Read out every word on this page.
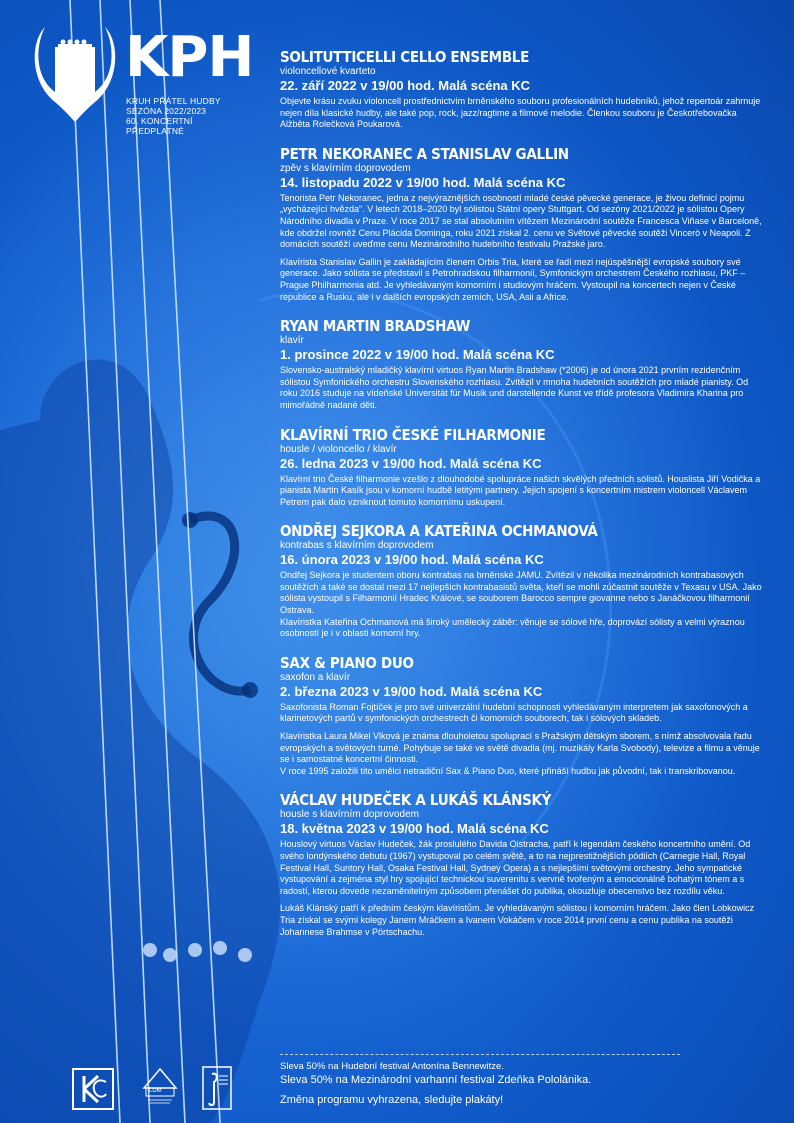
KPH
KRUH PŘÁTEL HUDBY
SEZÓNA 2022/2023
60. KONCERTNÍ
PŘEDPLATNÉ
SOLITUTTICELLI CELLO ENSEMBLE
violoncellové kvarteto
22. září 2022 v 19/00 hod. Malá scéna KC

Objevte krásu zvuku violoncell prostřednictvím brněnského souboru profesionálních hudebníků, jehož repertoár zahrnuje nejen díla klasické hudby, ale také pop, rock, jazz/ragtime a filmové melodie. Členkou souboru je Českotřebovačka Alžběta Rolečková Poukarová.

PETR NEKORANEC A STANISLAV GALLIN
zpěv s klavírním doprovodem
14. listopadu 2022 v 19/00 hod. Malá scéna KC

Tenorista Petr Nekoranec, jedna z nejvýraznějších osobností mladé české pěvecké generace, je živou definicí pojmu „vycházející hvězda". V letech 2018–2020 byl sólistou Státní opery Stuttgart. Od sezóny 2021/2022 je sólistou Opery Národního divadla v Praze. V roce 2017 se stal absolutním vítězem Mezinárodní soutěže Francesca Viñase v Barceloně, kde obdržel rovněž Cenu Plácida Dominga, roku 2021 získal 2. cenu ve Světové pěvecké soutěži Vincerò v Neapoli. Z domácích soutěží uveďme cenu Mezinárodního hudebního festivalu Pražské jaro.

Klavírista Stanislav Gallin je zakládajícím členem Orbis Tria, které se řadí mezi nejúspěšnější evropské soubory své generace. Jako sólista se představil s Petrohradskou filharmonií, Symfonickým orchestrem Českého rozhlasu, PKF – Prague Philharmonia atd. Je vyhledávaným komorním i studiovým hráčem. Vystoupil na koncertech nejen v České republice a Rusku, ale i v dalších evropských zemích, USA, Asii a Africe.

RYAN MARTIN BRADSHAW
klavír
1. prosince 2022 v 19/00 hod. Malá scéna KC

Slovensko-australský mladičký klavírní virtuos Ryan Martin Bradshaw (*2006) je od února 2021 prvním rezidenčním sólistou Symfonického orchestru Slovenského rozhlasu. Zvítězil v mnoha hudebních soutěžích pro mladé pianisty. Od roku 2016 studuje na vídeňské Universität für Musik und darstellende Kunst ve třídě profesora Vladimira Kharina pro mimořádně nadané děti.

KLAVÍRNÍ TRIO ČESKÉ FILHARMONIE
housle / violoncello / klavír
26. ledna 2023 v 19/00 hod. Malá scéna KC

Klavírní trio České filharmonie vzešlo z dlouhodobé spolupráce našich skvělých předních sólistů. Houslista Jiří Vodička a pianista Martin Kasík jsou v komorní hudbě letitými partnery. Jejich spojení s koncertním mistrem violoncell Václavem Petrem pak dalo vzniknout tomuto komornímu uskupení.

ONDŘEJ SEJKORA A KATEŘINA OCHMANOVÁ
kontrabas s klavírním doprovodem
16. února 2023 v 19/00 hod. Malá scéna KC

Ondřej Sejkora je studentem oboru kontrabas na brněnské JAMU. Zvítězil v několika mezinárodních kontrabasových soutěžích a také se dostal mezi 17 nejlepších kontrabasistů světa, kteří se mohli zúčastnit soutěže v Texasu v USA. Jako sólista vystoupil s Filharmonií Hradec Králové, se souborem Barocco sempre giovanne nebo s Janáčkovou filharmonií Ostrava.

Klavíristka Kateřina Ochmanová má široký umělecký záběr: věnuje se sólové hře, doprovází sólisty a velmi výraznou osobností je i v oblasti komorní hry.

SAX & PIANO DUO
saxofon a klavír
2. března 2023 v 19/00 hod. Malá scéna KC

Saxofonista Roman Fojtíček je pro své univerzální hudební schopnosti vyhledávaným interpretem jak saxofonových a klarinetových partů v symfonických orchestrech či komorních souborech, tak i sólových skladeb.

Klavíristka Laura Mikel Vlková je známa dlouholetou spoluprací s Pražským dětským sborem, s nímž absolvovala řadu evropských a světových turné. Pohybuje se také ve světě divadla (mj. muzikály Karla Svobody), televize a filmu a věnuje se i samostatné koncertní činnosti.

V roce 1995 založili tito umělci netradiční Sax & Piano Duo, které přináší hudbu jak původní, tak i transkribovanou.

VÁCLAV HUDEČEK A LUKÁŠ KLÁNSKÝ
housle s klavírním doprovodem
18. května 2023 v 19/00 hod. Malá scéna KC

Houslový virtuos Václav Hudeček, žák proslulého Davida Oistracha, patří k legendám českého koncertního umění. Od svého londýnského debutu (1967) vystupoval po celém světě, a to na nejprestižnějších pódiích (Carnegie Hall, Royal Festival Hall, Suntory Hall, Osaka Festival Hall, Sydney Opera) a s nejlepšími světovými orchestry. Jeho sympatické vystupování a zejména styl hry spojující technickou suverenitu s vervně tvořeným a emocionálně bohatým tónem a s radostí, kterou dovede nezaměnitelným způsobem přenášet do publika, okouzluje obecenstvo bez rozdílu věku.

Lukáš Klánský patří k předním českým klavíristům. Je vyhledávaným sólistou i komorním hráčem. Jako člen Lobkowicz Tria získal se svými kolegy Janem Mráčkem a Ivanem Vokáčem v roce 2014 první cenu a cenu publika na soutěži Johannese Brahmse v Pörtschachu.

LDM
Sleva 50% na Hudební festival Antonína Bennewitze.
Sleva 50% na Mezinárodní varhanní festival Zdeňka Pololánika.
Změna programu vyhrazena, sledujte plakáty!
